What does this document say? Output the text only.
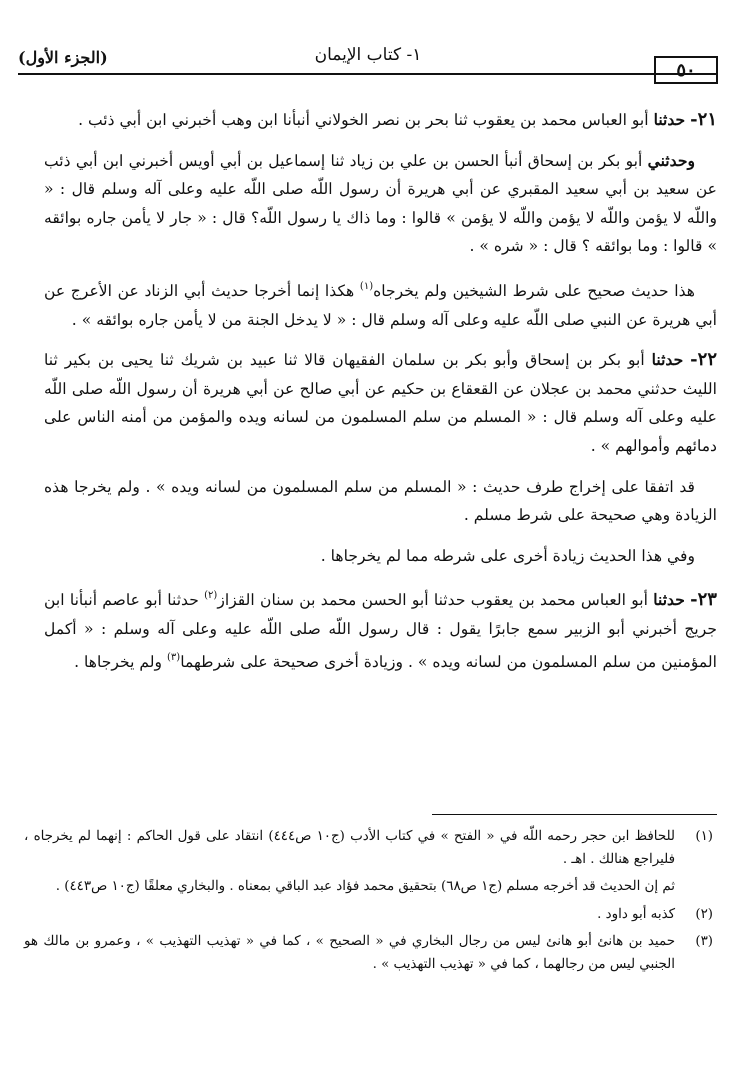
٥٠
١- كتاب الإيمان
(الجزء الأول)

٢١- حدثنا أبو العباس محمد بن يعقوب ثنا بحر بن نصر الخولاني أنبأنا ابن وهب أخبرني ابن أبي ذئب .

وحدثني أبو بكر بن إسحاق أنبأ الحسن بن علي بن زياد ثنا إسماعيل بن أبي أويس أخبرني ابن أبي ذئب عن سعيد بن أبي سعيد المقبري عن أبي هريرة أن رسول اللّه صلى اللّه عليه وعلى آله وسلم قال : « واللّه لا يؤمن واللّه لا يؤمن واللّه لا يؤمن » قالوا : وما ذاك يا رسول اللّه؟ قال : « جار لا يأمن جاره بوائقه » قالوا : وما بوائقه ؟ قال : « شره » .

هذا حديث صحيح على شرط الشيخين ولم يخرجاه$^{(١)}$ هكذا إنما أخرجا حديث أبي الزناد عن الأعرج عن أبي هريرة عن النبي صلى اللّه عليه وعلى آله وسلم قال : « لا يدخل الجنة من لا يأمن جاره بوائقه » .

٢٢- حدثنا أبو بكر بن إسحاق وأبو بكر بن سلمان الفقيهان قالا ثنا عبيد بن شريك ثنا يحيى بن بكير ثنا الليث حدثني محمد بن عجلان عن القعقاع بن حكيم عن أبي صالح عن أبي هريرة أن رسول اللّه صلى اللّه عليه وعلى آله وسلم قال : « المسلم من سلم المسلمون من لسانه ويده والمؤمن من أمنه الناس على دمائهم وأموالهم » .

قد اتفقا على إخراج طرف حديث : « المسلم من سلم المسلمون من لسانه ويده » . ولم يخرجا هذه الزيادة وهي صحيحة على شرط مسلم .

وفي هذا الحديث زيادة أخرى على شرطه مما لم يخرجاها .

٢٣- حدثنا أبو العباس محمد بن يعقوب حدثنا أبو الحسن محمد بن سنان القزاز$^{(٢)}$ حدثنا أبو عاصم أنبأنا ابن جريج أخبرني أبو الزبير سمع جابرًا يقول : قال رسول اللّه صلى اللّه عليه وعلى آله وسلم : « أكمل المؤمنين من سلم المسلمون من لسانه ويده » . وزيادة أخرى صحيحة على شرطهما$^{(٣)}$ ولم يخرجاها .

(١)
للحافظ ابن حجر رحمه اللّه في « الفتح » في كتاب الأدب (ج١٠ ص٤٤٤) انتقاد على قول الحاكم : إنهما لم يخرجاه ، فليراجع هنالك . اهـ .
ثم إن الحديث قد أخرجه مسلم (ج١ ص٦٨) بتحقيق محمد فؤاد عبد الباقي بمعناه . والبخاري معلقًا (ج١٠ ص٤٤٣) .
(٢)
كذبه أبو داود .
(٣)
حميد بن هانئ أبو هانئ ليس من رجال البخاري في « الصحيح » ، كما في « تهذيب التهذيب » ، وعمرو بن مالك هو الجنبي ليس من رجالهما ، كما في « تهذيب التهذيب » .
